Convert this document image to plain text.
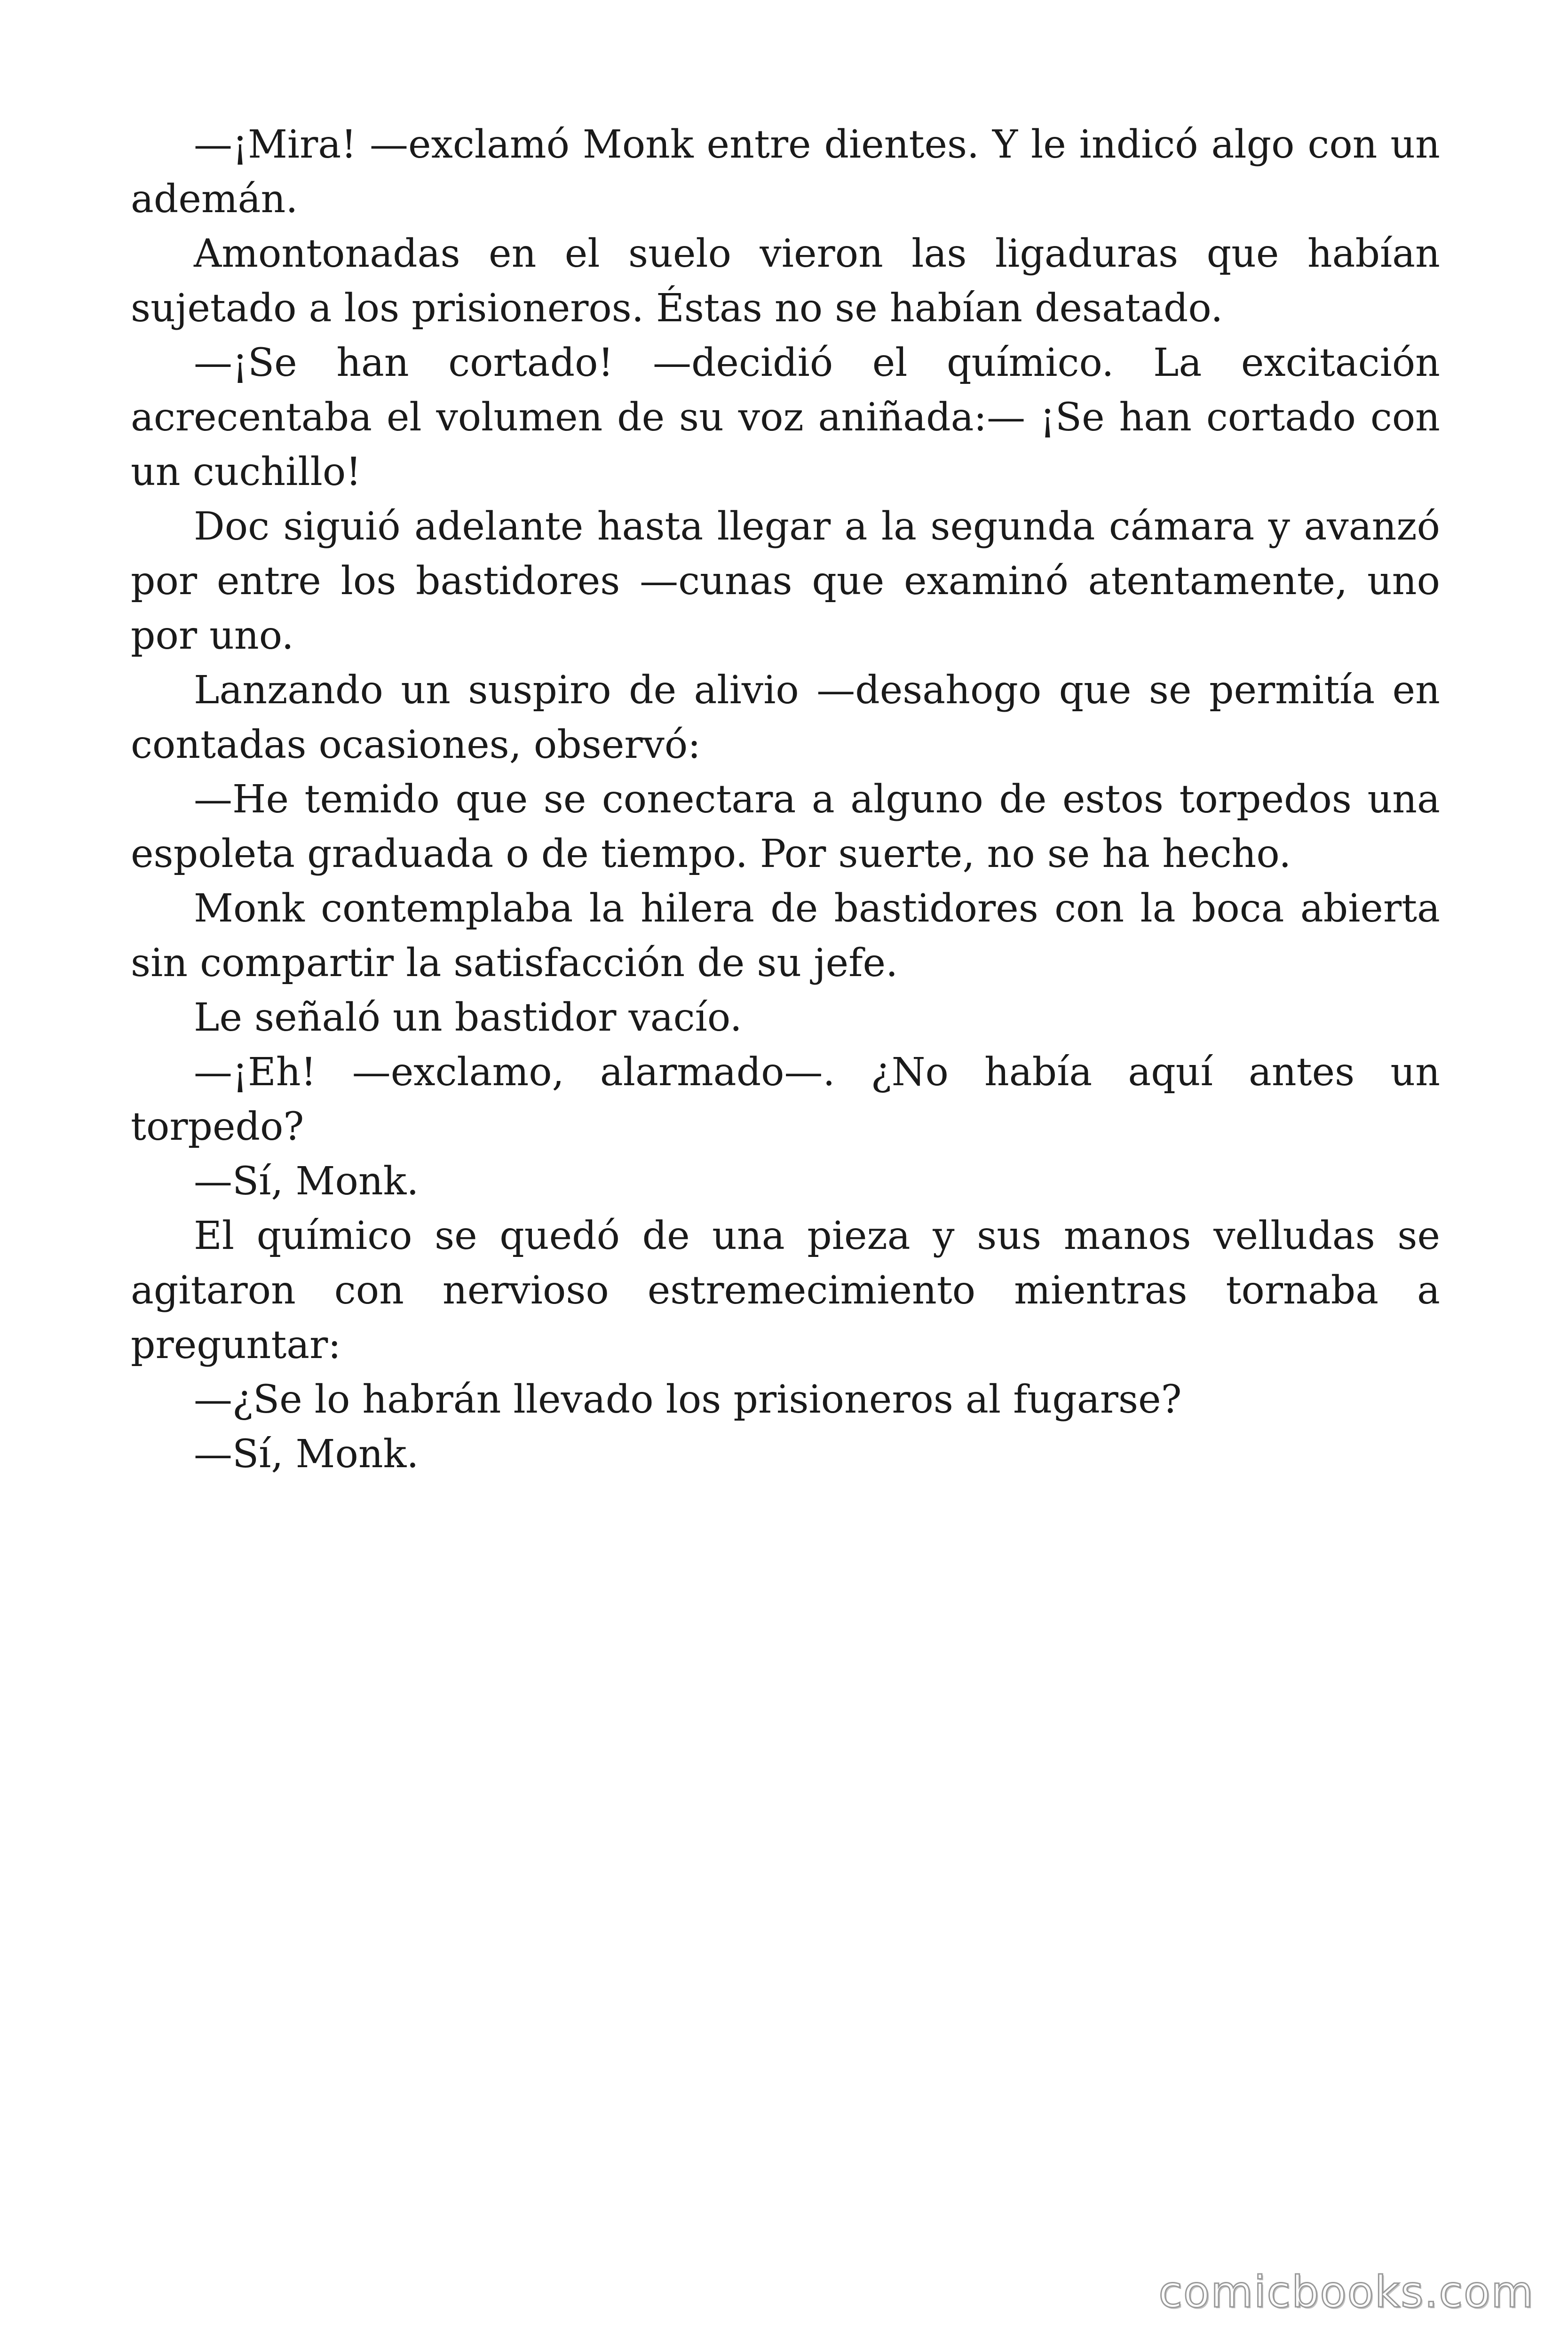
—¡Mira! —exclamó Monk entre dientes. Y le indicó algo con un ademán.

Amontonadas en el suelo vieron las ligaduras que habían sujetado a los prisioneros. Éstas no se habían desatado.

—¡Se han cortado! —decidió el químico. La excitación acrecentaba el volumen de su voz aniñada:— ¡Se han cortado con un cuchillo!

Doc siguió adelante hasta llegar a la segunda cámara y avanzó por entre los bastidores —cunas que examinó atentamente, uno por uno.

Lanzando un suspiro de alivio —desahogo que se permitía en contadas ocasiones, observó:

—He temido que se conectara a alguno de estos torpedos una espoleta graduada o de tiempo. Por suerte, no se ha hecho.

Monk contemplaba la hilera de bastidores con la boca abierta sin compartir la satisfacción de su jefe.

Le señaló un bastidor vacío.

—¡Eh! —exclamo, alarmado—. ¿No había aquí antes un torpedo?

—Sí, Monk.

El químico se quedó de una pieza y sus manos velludas se agitaron con nervioso estremecimiento mientras tornaba a preguntar:

—¿Se lo habrán llevado los prisioneros al fugarse?

—Sí, Monk.

comicbooks.com
